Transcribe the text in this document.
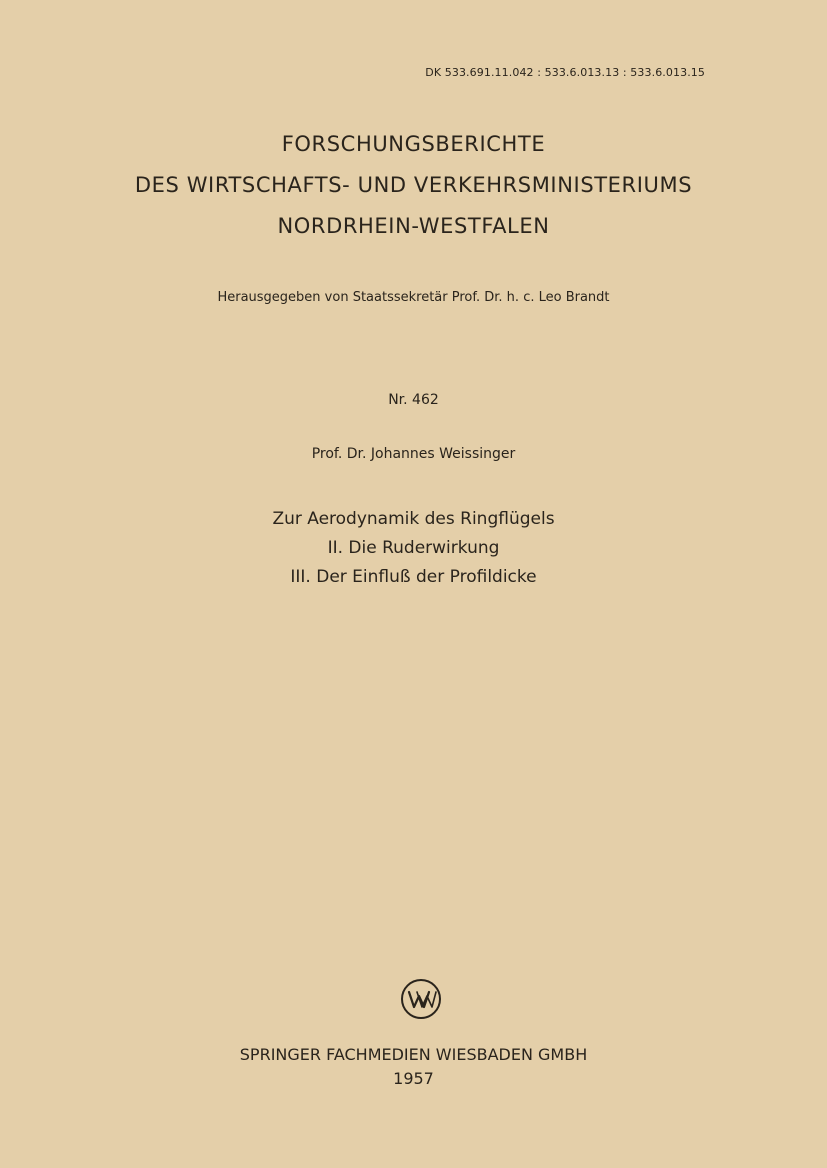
DK 533.691.11.042 : 533.6.013.13 : 533.6.013.15
FORSCHUNGSBERICHTE
DES WIRTSCHAFTS- UND VERKEHRSMINISTERIUMS
NORDRHEIN-WESTFALEN
Herausgegeben von Staatssekretär Prof. Dr. h. c. Leo Brandt
Nr. 462
Prof. Dr. Johannes Weissinger
Zur Aerodynamik des Ringflügels
II. Die Ruderwirkung
III. Der Einfluß der Profildicke
SPRINGER FACHMEDIEN WIESBADEN GMBH
1957
